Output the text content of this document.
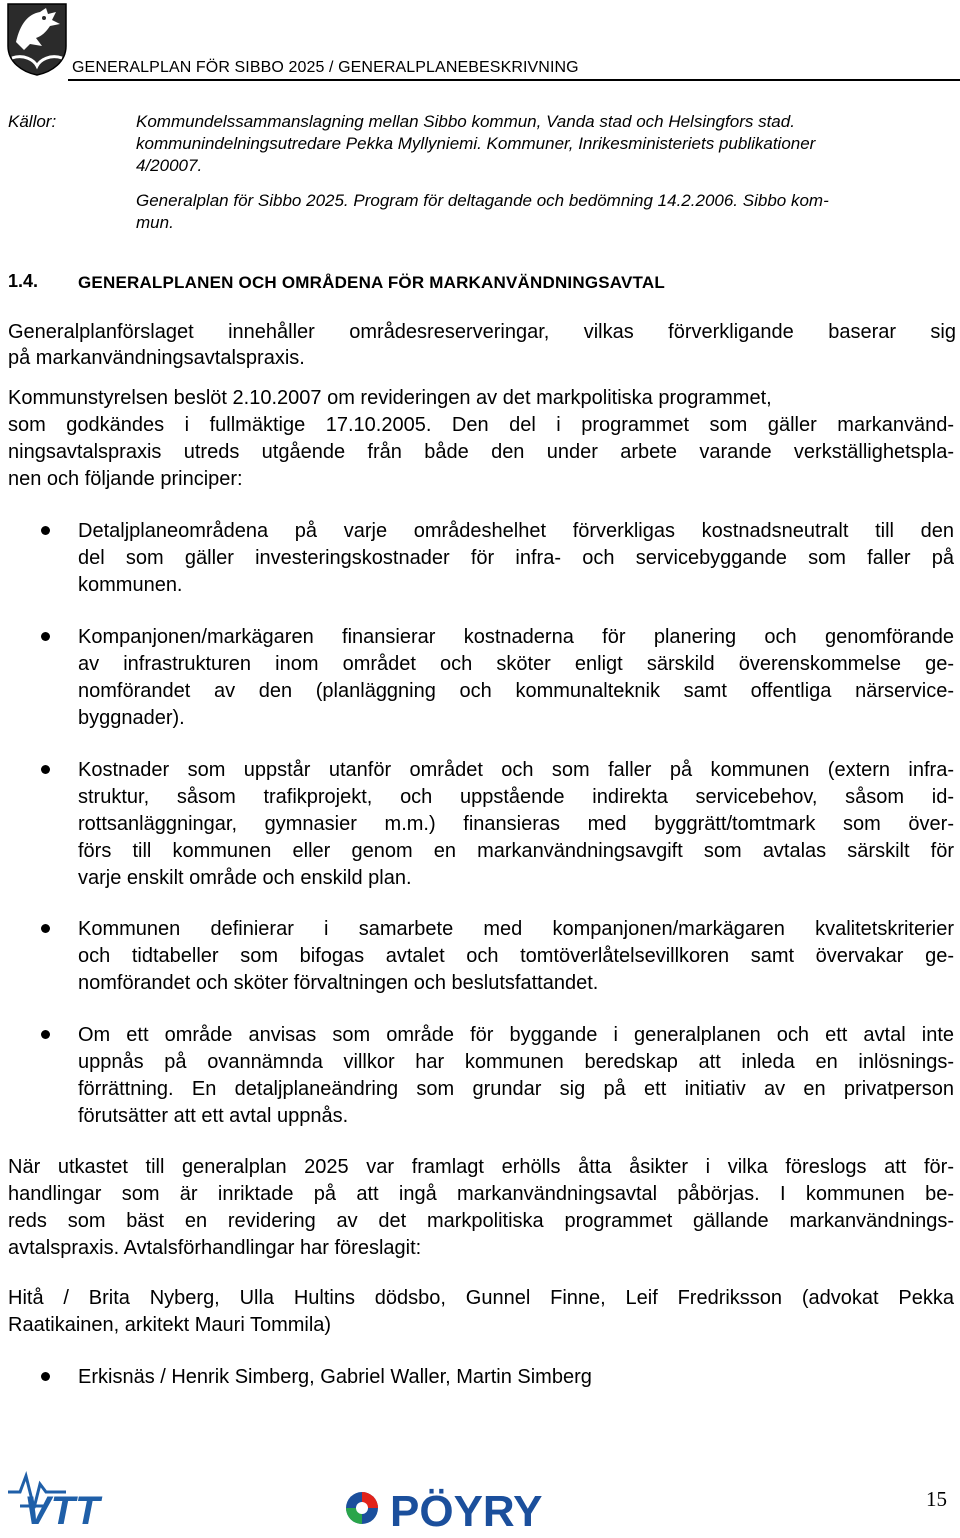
GENERALPLAN FÖR SIBBO 2025 / GENERALPLANEBESKRIVNING
Källor:	Kommundelssammanslagning mellan Sibbo kommun, Vanda stad och Helsingfors stad.
kommunindelningsutredare Pekka Myllyniemi. Kommuner, Inrikesministeriets publikationer
4/20007.
Generalplan för Sibbo 2025. Program för deltagande och bedömning 14.2.2006. Sibbo kom-
mun.
1.4. GENERALPLANEN OCH OMRÅDENA FÖR MARKANVÄNDNINGSAVTAL
Generalplanförslaget innehåller områdesreserveringar, vilkas förverkligande baserar sig
på markanvändningsavtalspraxis.
Kommunstyrelsen beslöt 2.10.2007 om revideringen av det markpolitiska programmet,
som godkändes i fullmäktige 17.10.2005. Den del i programmet som gäller markanvänd-
ningsavtalspraxis utreds utgående från både den under arbete varande verkställighetspla-
nen och följande principer:
Detaljplaneområdena på varje områdeshelhet förverkligas kostnadsneutralt till den
del som gäller investeringskostnader för infra- och servicebyggande som faller på
kommunen.
Kompanjonen/markägaren finansierar kostnaderna för planering och genomförande
av infrastrukturen inom området och sköter enligt särskild överenskommelse ge-
nomförandet av den (planläggning och kommunalteknik samt offentliga närservice-
byggnader).
Kostnader som uppstår utanför området och som faller på kommunen (extern infra-
struktur, såsom trafikprojekt, och uppstående indirekta servicebehov, såsom id-
rottsanläggningar, gymnasier m.m.) finansieras med byggrätt/tomtmark som över-
förs till kommunen eller genom en markanvändningsavgift som avtalas särskilt för
varje enskilt område och enskild plan.
Kommunen definierar i samarbete med kompanjonen/markägaren kvalitetskriterier
och tidtabeller som bifogas avtalet och tomtöverlåtelsevillkoren samt övervakar ge-
nomförandet och sköter förvaltningen och beslutsfattandet.
Om ett område anvisas som område för byggande i generalplanen och ett avtal inte
uppnås på ovannämnda villkor har kommunen beredskap att inleda en inlösnings-
förrättning. En detaljplaneändring som grundar sig på ett initiativ av en privatperson
förutsätter att ett avtal uppnås.
När utkastet till generalplan 2025 var framlagt erhölls åtta åsikter i vilka föreslogs att för-
handlingar som är inriktade på att ingå markanvändningsavtal påbörjas. I kommunen be-
reds som bäst en revidering av det markpolitiska programmet gällande markanvändnings-
avtalspraxis. Avtalsförhandlingar har föreslagit:
Hitå / Brita Nyberg, Ulla Hultins dödsbo, Gunnel Finne, Leif Fredriksson (advokat Pekka
Raatikainen, arkitekt Mauri Tommila)
Erkisnäs / Henrik Simberg, Gabriel Waller, Martin Simberg
VTT	PÖYRY	15
